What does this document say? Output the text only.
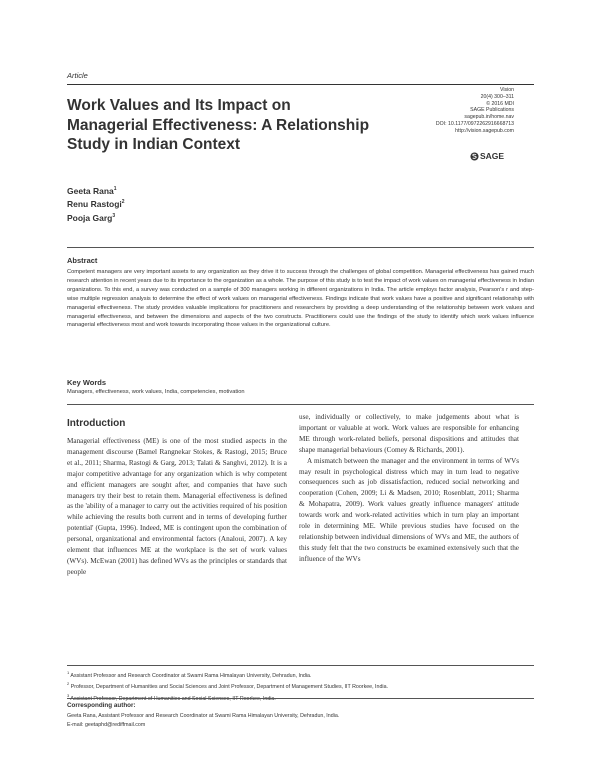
Article
Work Values and Its Impact on
Managerial Effectiveness: A Relationship
Study in Indian Context
Vision
20(4) 300–311
© 2016 MDI
SAGE Publications
sagepub.in/home.nav
DOI: 10.1177/0972262916668713
http://vision.sagepub.com
SAGE
Geeta Rana$^1$
Renu Rastogi$^2$
Pooja Garg$^3$
Abstract
Competent managers are very important assets to any organization as they drive it to success through the challenges of global competition. Managerial effectiveness has gained much research attention in recent years due to its importance to the organization as a whole. The purpose of this study is to test the impact of work values on managerial effectiveness in Indian organizations. To this end, a survey was conducted on a sample of 300 managers working in different organizations in India. The article employs factor analysis, Pearson's r and step-wise multiple regression analysis to determine the effect of work values on managerial effectiveness. Findings indicate that work values have a positive and significant relationship with managerial effectiveness. The study provides valuable implications for practitioners and researchers by providing a deep understanding of the relationship between work values and managerial effectiveness, and between the dimensions and aspects of the two constructs. Practitioners could use the findings of the study to identify which work values influence managerial effectiveness most and work towards incorporating those values in the organizational culture.
Key Words
Managers, effectiveness, work values, India, competencies, motivation
Introduction

Managerial effectiveness (ME) is one of the most studied aspects in the management discourse (Bamel Rangnekar Stokes, & Rastogi, 2015; Bruce et al., 2011; Sharma, Rastogi & Garg, 2013; Talati & Sanghvi, 2012). It is a major competitive advantage for any organization which is why competent and efficient managers are sought after, and companies that have such managers try their best to retain them. Managerial effectiveness is defined as the 'ability of a manager to carry out the activities required of his position while achieving the results both current and in terms of developing further potential' (Gupta, 1996). Indeed, ME is contingent upon the combination of personal, organizational and environmental factors (Analoui, 2007). A key element that influences ME at the workplace is the set of work values (WVs). McEwan (2001) has defined WVs as the principles or standards that people

use, individually or collectively, to make judgements about what is important or valuable at work. Work values are responsible for enhancing ME through work-related beliefs, personal dispositions and attitudes that shape managerial behaviours (Comey & Richards, 2001).

A mismatch between the manager and the environment in terms of WVs may result in psychological distress which may in turn lead to negative consequences such as job dissatisfaction, reduced social networking and cooperation (Cohen, 2009; Li & Madsen, 2010; Rosenblatt, 2011; Sharma & Mohapatra, 2009). Work values greatly influence managers' attitude towards work and work-related activities which in turn play an important role in determining ME. While previous studies have focused on the relationship between individual dimensions of WVs and ME, the authors of this study felt that the two constructs be examined extensively such that the influence of the WVs

$^1$ Assistant Professor and Research Coordinator at Swami Rama Himalayan University, Dehradun, India.
$^2$ Professor, Department of Humanities and Social Sciences and Joint Professor, Department of Management Studies, IIT Roorkee, India.
$^3$ Assistant Professor, Department of Humanities and Social Sciences, IIT Roorkee, India.
Corresponding author:
Geeta Rana, Assistant Professor and Research Coordinator at Swami Rama Himalayan University, Dehradun, India.
E-mail: geetaphd@rediffmail.com
